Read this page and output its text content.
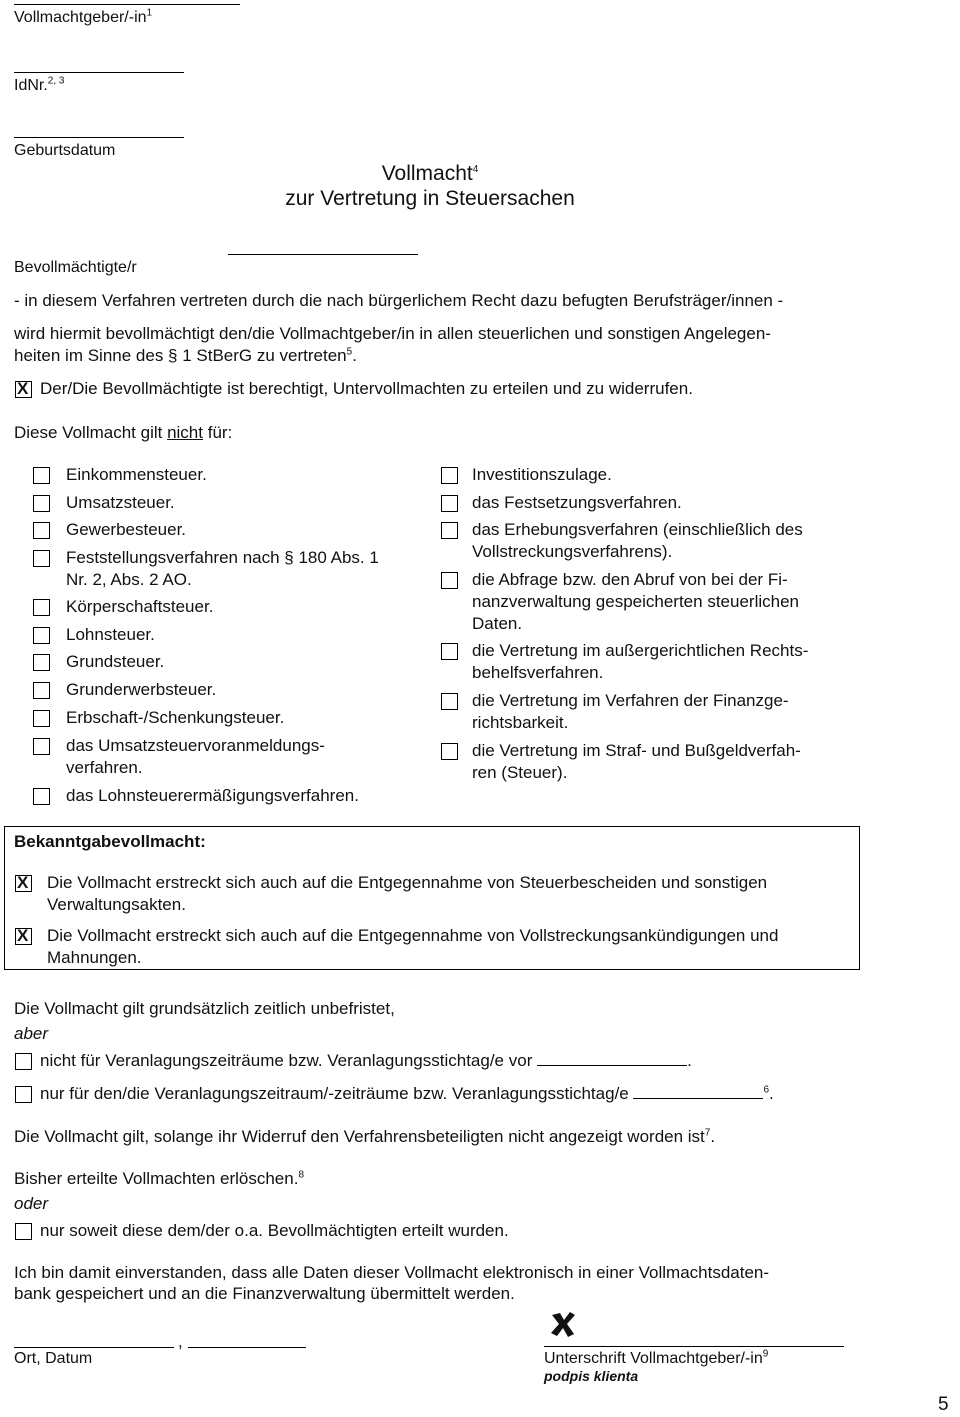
Vollmachtgeber/$-in^1$
IdNr.$^{2, 3}$
Geburtsdatum
Vollmacht$^4$
zur Vertretung in Steuersachen
Bevollmächtigte/r
- in diesem Verfahren vertreten durch die nach bürgerlichem Recht dazu befugten Berufsträger/innen -
wird hiermit bevollmächtigt den/die Vollmachtgeber/in in allen steuerlichen und sonstigen Angelegen-
heiten im Sinne des § 1 StBerG zu vertreten$^5$.
X
Der/Die Bevollmächtigte ist berechtigt, Untervollmachten zu erteilen und zu widerrufen.
Diese Vollmacht gilt nicht für:
Einkommensteuer.
Umsatzsteuer.
Gewerbesteuer.
Feststellungsverfahren nach § 180 Abs. 1
Nr. 2, Abs. 2 AO.
Körperschaftsteuer.
Lohnsteuer.
Grundsteuer.
Grunderwerbsteuer.
Erbschaft-/Schenkungsteuer.
das Umsatzsteuervoranmeldungs-
verfahren.
das Lohnsteuerermäßigungsverfahren.
Investitionszulage.
das Festsetzungsverfahren.
das Erhebungsverfahren (einschließlich des
Vollstreckungsverfahrens).
die Abfrage bzw. den Abruf von bei der Fi-
nanzverwaltung gespeicherten steuerlichen
Daten.
die Vertretung im außergerichtlichen Rechts-
behelfsverfahren.
die Vertretung im Verfahren der Finanzge-
richtsbarkeit.
die Vertretung im Straf- und Bußgeldverfah-
ren (Steuer).
Bekanntgabevollmacht:
X
Die Vollmacht erstreckt sich auch auf die Entgegennahme von Steuerbescheiden und sonstigen
Verwaltungsakten.
X
Die Vollmacht erstreckt sich auch auf die Entgegennahme von Vollstreckungsankündigungen und
Mahnungen.
Die Vollmacht gilt grundsätzlich zeitlich unbefristet,
aber
nicht für Veranlagungszeiträume bzw. Veranlagungsstichtag/e vor	.
nur für den/die Veranlagungszeitraum/-zeiträume bzw. Veranlagungsstichtag/e	$^6$.
Die Vollmacht gilt, solange ihr Widerruf den Verfahrensbeteiligten nicht angezeigt worden ist$^7$.
Bisher erteilte Vollmachten erlöschen.$^8$
oder
nur soweit diese dem/der o.a. Bevollmächtigten erteilt wurden.
Ich bin damit einverstanden, dass alle Daten dieser Vollmacht elektronisch in einer Vollmachtsdaten-
bank gespeichert und an die Finanzverwaltung übermittelt werden.
,
Ort, Datum	Unterschrift Vollmachtgeber/$-in^9$
podpis klienta
5
